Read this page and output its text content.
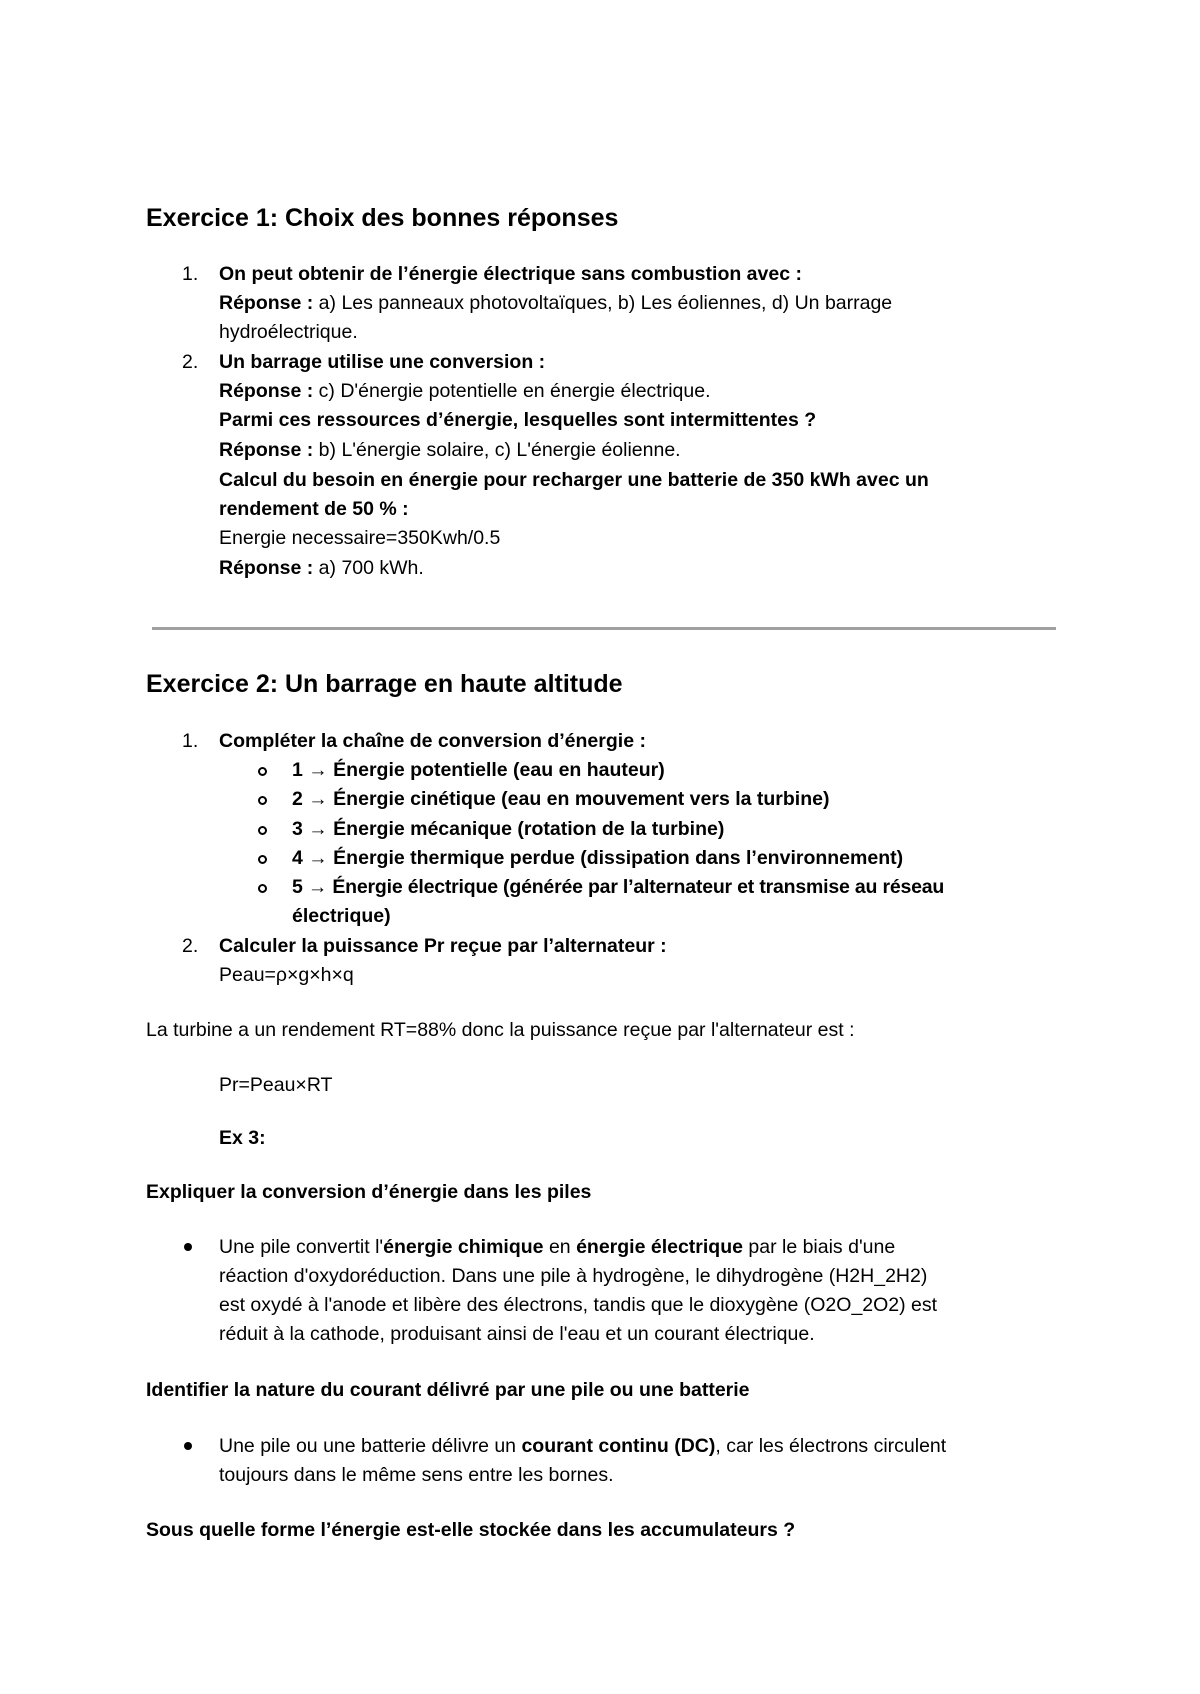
Exercice 1: Choix des bonnes réponses
1. On peut obtenir de l’énergie électrique sans combustion avec :
Réponse : a) Les panneaux photovoltaïques, b) Les éoliennes, d) Un barrage
hydroélectrique.
2. Un barrage utilise une conversion :
Réponse : c) D'énergie potentielle en énergie électrique.
Parmi ces ressources d’énergie, lesquelles sont intermittentes ?
Réponse : b) L'énergie solaire, c) L'énergie éolienne.
Calcul du besoin en énergie pour recharger une batterie de 350 kWh avec un
rendement de 50 % :
Energie necessaire=350Kwh/0.5
Réponse : a) 700 kWh.
Exercice 2: Un barrage en haute altitude
1. Compléter la chaîne de conversion d’énergie :
1 → Énergie potentielle (eau en hauteur)
2 → Énergie cinétique (eau en mouvement vers la turbine)
3 → Énergie mécanique (rotation de la turbine)
4 → Énergie thermique perdue (dissipation dans l’environnement)
5 → Énergie électrique (générée par l’alternateur et transmise au réseau
électrique)
2. Calculer la puissance Pr reçue par l’alternateur :
Peau=ρ×g×h×q
La turbine a un rendement RT=88% donc la puissance reçue par l'alternateur est :
Pr=Peau×RT
Ex 3:
Expliquer la conversion d’énergie dans les piles
Une pile convertit l'énergie chimique en énergie électrique par le biais d'une
réaction d'oxydoréduction. Dans une pile à hydrogène, le dihydrogène (H2H_2H2)
est oxydé à l'anode et libère des électrons, tandis que le dioxygène (O2O_2O2) est
réduit à la cathode, produisant ainsi de l'eau et un courant électrique.
Identifier la nature du courant délivré par une pile ou une batterie
Une pile ou une batterie délivre un courant continu (DC), car les électrons circulent
toujours dans le même sens entre les bornes.
Sous quelle forme l’énergie est-elle stockée dans les accumulateurs ?
